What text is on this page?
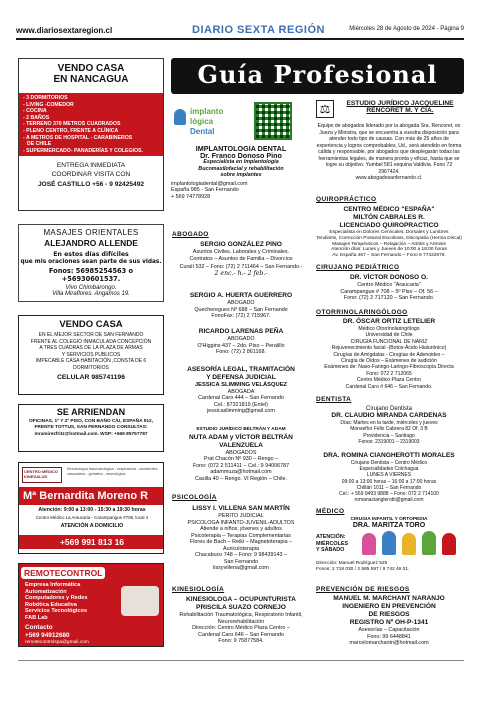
www.diariosextaregion.cl	DIARIO SEXTA REGIÓN	Miércoles 28 de Agosto de 2024 - Página 9
VENDO CASA
EN NANCAGUA
- 3 DORMITORIOS
- LIVING -COMEDOR
- COCINA
- 2 BAÑOS
- TERRENO 370 METROS CUADRADOS
- PLENO CENTRO, FRENTE A CLÍNICA
- A METROS DE HOSPITAL - CARABINEROS
DE CHILE
- SUPERMERCADO- PANADERÍAS Y COLEGIOS.
ENTREGA INMEDIATA
COORDINAR VISITA CON
JOSÉ CASTILLO +56 - 9 92425492
MASAJES ORIENTALES
ALEJANDRO ALLENDE
En estos días difíciles
que mis oraciones sean parte de sus vidas.
Fonos: 56985254563 o +56930601537.
Vivo Chimbarongo.
Villa Miraflores. Angamos 19.
VENDO CASA
EN EL MEJOR SECTOR DE SAN FERNANDO
FRENTE AL COLEGIO INMACULADA CONCEPCIÓN
A TRES CUADRAS DE LA PLAZA DE ARMAS
Y SERVICIOS PUBLICOS
IMPECABLE CASA HABITACIÓN ,CONSTA DE 6
DORMITORIOS
CELULAR 985741196
SE ARRIENDAN
OFICINAS, 1º Y 2º PISO, CON BAÑO C/U, ESPAÑA 512, FRENTE TOTTUS, SAN FERNANDO CONSULTAS: mramirezfritz@hotmail.com. WSP: +569 85757787
CENTRO MÉDICO KINESALUD
Kinesiología traumatológica - respiratoria - accidentes vasculares - geriatría - neurológica
Mª Bernardita Moreno R
Atención: 9:00 a 13:00 - 15:30 a 19:30 horas
Centro Médico La Araucaria - Carampangue #708, local 4
ATENCIÓN A DOMICILIO
+569 991 813 16
REMOTECONTROL
Empresa Informática
Automatización
Computadores y Redes
Robótica Educativa
Servicios Tecnológicos
FAB Lab
Contacto
+569 94912680
remotecontrolspa@gmail.com
Guía Profesional
implanto
lógica
Dental
IMPLANTOLOGIA DENTAL
Dr. Franco Donoso Pino
Especialista en Implantología
Bucomaxilofacial y rehabilitación
sobre implantes
implantologiadental@gmail.com
España 985 - San Fernando
+ 569 74778928
ABOGADO
SERGIO GONZÁLEZ PINO
Asuntos Civiles, Laborales y Criminales.
Contratos – Asuntos de Familia – Divorcios
Curalí 532 – Fono: (72) 2 711464 – San Fernando.-
2 enc.- h.- 2 feb.-
SERGIO A. HUERTA GUERRERO
ABOGADO
Quecheregues Nº 688 – San Fernando
FonoFax: (72) 2 715967.
RICARDO LARENAS PEÑA
ABOGADO
O'Higgins 437 – 2do. Piso – Peralillo
Fono: (72) 2 861168.
ASESORÍA LEGAL, TRAMITACIÓN
Y DEFENSA JUDICIAL
JESSICA SLIMMING VELÁSQUEZ
ABOGADA
Cardenal Caro 444 – San Fernando
Cel.: 87321819 (Entel)
jessicaslimming@gmail.com
ESTUDIO JURÍDICO BELTRÁN Y ADAM
NUTA ADAM y VÍCTOR BELTRÁN
VALENZUELA
ABOGADOS
Prat Chacón Nº 930 – Rengo –
Fono: (072 2 511411 – Cel.: 9 94006787
adammuza@hotmail.com
Casilla 40 – Rengo. VI Región – Chile.
PSICOLOGÍA
LISSY I. VILLENA SAN MARTÍN
PERITO JUDICIAL
PSICOLOGA INFANTO-JUVENIL-ADULTOS
Atiende a niños, jóvenes y adultos
Psicoterapia – Terapias Complementarias
Flores de Bach – Reiki – Magnetoterapia –
Auriculoterapia
Chacabuco 748 – Fono: 9 98439143 –
San Fernando
lissyvillena@gmail.com
KINESIOLOGÍA
KINESIOLOGA – OCUPUNTURISTA
PRISCILA SUAZO CORNEJO
Rehabilitación Traumatológica, Respiratorio Infantil,
Neurorehabilitación
Dirección: Centro Médico Plaza Centro –
Cardenal Caro 646 – San Fernando
Fono: 9 75877584.
⚖	ESTUDIO JURÍDICO JACQUELINE
RENCORET M. Y CÍA.
Equipo de abogados liderado por la abogada Sra. Rencoret, ex Jueza y Ministra, que se encuentra a vuestra disposición para atender todo tipo de causas. Con más de 25 años de experiencia y logros comprobables, Ud., será atendido en forma cálida y responsable, por abogados que desplegarán todas las herramientas legales, de manera pronta y eficaz, hasta que se logre su objetivo. Yumbel 581 esquina Valdivia. Fono 72 2967424.
www.abogadosanfernando.cl.
QUIROPRÁCTICO
CENTRO MÉDICO "ESPAÑA"
MILTÓN CABRALES R.
LICENCIADO QUIROPRACTICO
Especialista en Dolores Cervicales, Dorsales y Lumbres
Tendinitis, Corrección Postural Escoliosis, Discopatía (Hernia Discal)
Masajes Terapéuticos – Relajación – Artritis y Artrosis
Atención días: Lunes y Jueves de 10:00 a 18:00 horas
Av. España 467 – San Fernando – Fono 9 77432979.
CIRUJANO PEDIÁTRICO
DR. VÍCTOR DONOSO O.
Centro Médico "Araucaria"
Carampangue # 708 – 5º Piso – Of. 56 –
Fono: (72) 2 717120 – San Fernando.
OTORRINOLARINGÓLOGO
DR. ÓSCAR ORTIZ LETELIER
Médico Otorrinolaringólogo
Universidad de Chile
CIRUGIA FUNCIONAL DE NARIZ
Rejuvenecimiento facial -(Botox-Ácido Hialurónico)
Cirugías de Amígdalas - Cirugías de Adenoides –
Cirugía de Oídos – Exámenes de audición
Exámenes de: Naso-Faringo-Laringo-Fibroscopía Directa
Fono: 072 2 712065
Centro Médico Plaza Centro
Cardenal Caro # 646 – San Fernando.
DENTISTA
Cirujano Dentista
DR. CLAUDIO MIRANDA CARDENAS
Días: Martes en la tarde, miércoles y jueves
Monseñor Félix Cabrera 82 Of. 3 B
Providencia – Santiago
Fonos: 2319001 – 2319003
DRA. ROMINA CIANGHEROTTI MORALES
Cirujano Dentista – Centro Médico
Especialidades Colchagua
LUNES A VIERNES
09:00 a 13:00 horas – 16:00 a 17:00 horas
Chillán 1011 – San Fernando
Cel.: + 569 9493 9888 – Fono: 072 2 714100
romanacianglerotti@gmail.com
MÉDICO
CIRUGIA INFANTIL Y ORTOPEDIA
DRA. MARITZA TORO
ATENCIÓN:
MIÉRCOLES
Y SÁBADO
Dirección: Manuel Rodríguez 525
Fonos: 2 718 030 / 2 585 597 / 9 742 46 01.
PREVENCIÓN DE RIESGOS
MANUEL M. MARCHANT NARANJO
INGENIERO EN PREVENCIÓN
DE RIESGOS
REGISTRO Nº OH-P-1341
Asesorías – Capacitación
Fono: 99 6448841
marcelomarchantn@hotmail.com
